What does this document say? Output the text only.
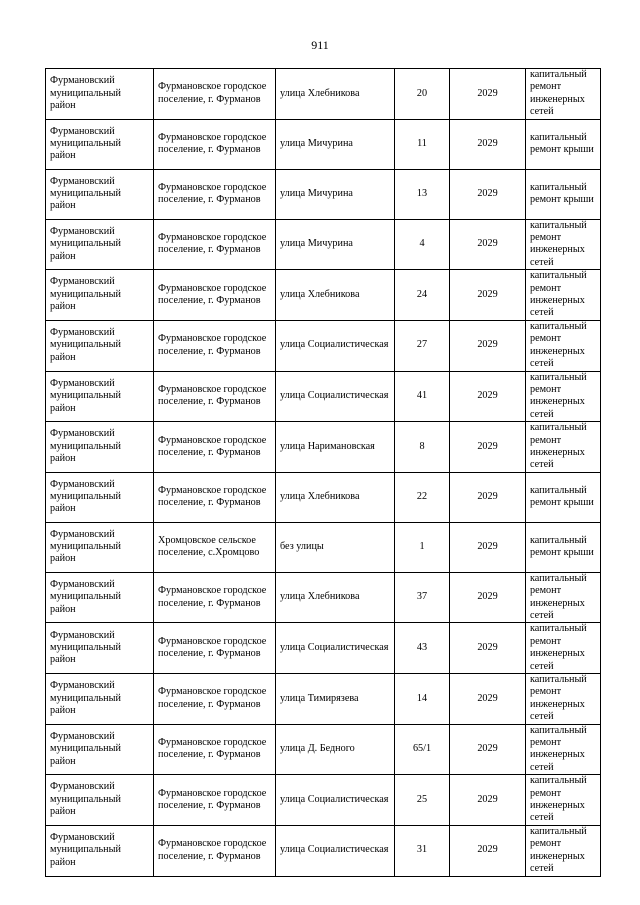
911
Фурмановский муниципальный район	Фурмановское городское поселение, г. Фурманов	улица Хлебникова	20	2029	капитальный ремонт инженерных сетей
Фурмановский муниципальный район	Фурмановское городское поселение, г. Фурманов	улица Мичурина	11	2029	капитальный ремонт крыши
Фурмановский муниципальный район	Фурмановское городское поселение, г. Фурманов	улица Мичурина	13	2029	капитальный ремонт крыши
Фурмановский муниципальный район	Фурмановское городское поселение, г. Фурманов	улица Мичурина	4	2029	капитальный ремонт инженерных сетей
Фурмановский муниципальный район	Фурмановское городское поселение, г. Фурманов	улица Хлебникова	24	2029	капитальный ремонт инженерных сетей
Фурмановский муниципальный район	Фурмановское городское поселение, г. Фурманов	улица Социалистическая	27	2029	капитальный ремонт инженерных сетей
Фурмановский муниципальный район	Фурмановское городское поселение, г. Фурманов	улица Социалистическая	41	2029	капитальный ремонт инженерных сетей
Фурмановский муниципальный район	Фурмановское городское поселение, г. Фурманов	улица Наримановская	8	2029	капитальный ремонт инженерных сетей
Фурмановский муниципальный район	Фурмановское городское поселение, г. Фурманов	улица Хлебникова	22	2029	капитальный ремонт крыши
Фурмановский муниципальный район	Хромцовское сельское поселение, с.Хромцово	без улицы	1	2029	капитальный ремонт крыши
Фурмановский муниципальный район	Фурмановское городское поселение, г. Фурманов	улица Хлебникова	37	2029	капитальный ремонт инженерных сетей
Фурмановский муниципальный район	Фурмановское городское поселение, г. Фурманов	улица Социалистическая	43	2029	капитальный ремонт инженерных сетей
Фурмановский муниципальный район	Фурмановское городское поселение, г. Фурманов	улица Тимирязева	14	2029	капитальный ремонт инженерных сетей
Фурмановский муниципальный район	Фурмановское городское поселение, г. Фурманов	улица Д. Бедного	65/1	2029	капитальный ремонт инженерных сетей
Фурмановский муниципальный район	Фурмановское городское поселение, г. Фурманов	улица Социалистическая	25	2029	капитальный ремонт инженерных сетей
Фурмановский муниципальный район	Фурмановское городское поселение, г. Фурманов	улица Социалистическая	31	2029	капитальный ремонт инженерных сетей
